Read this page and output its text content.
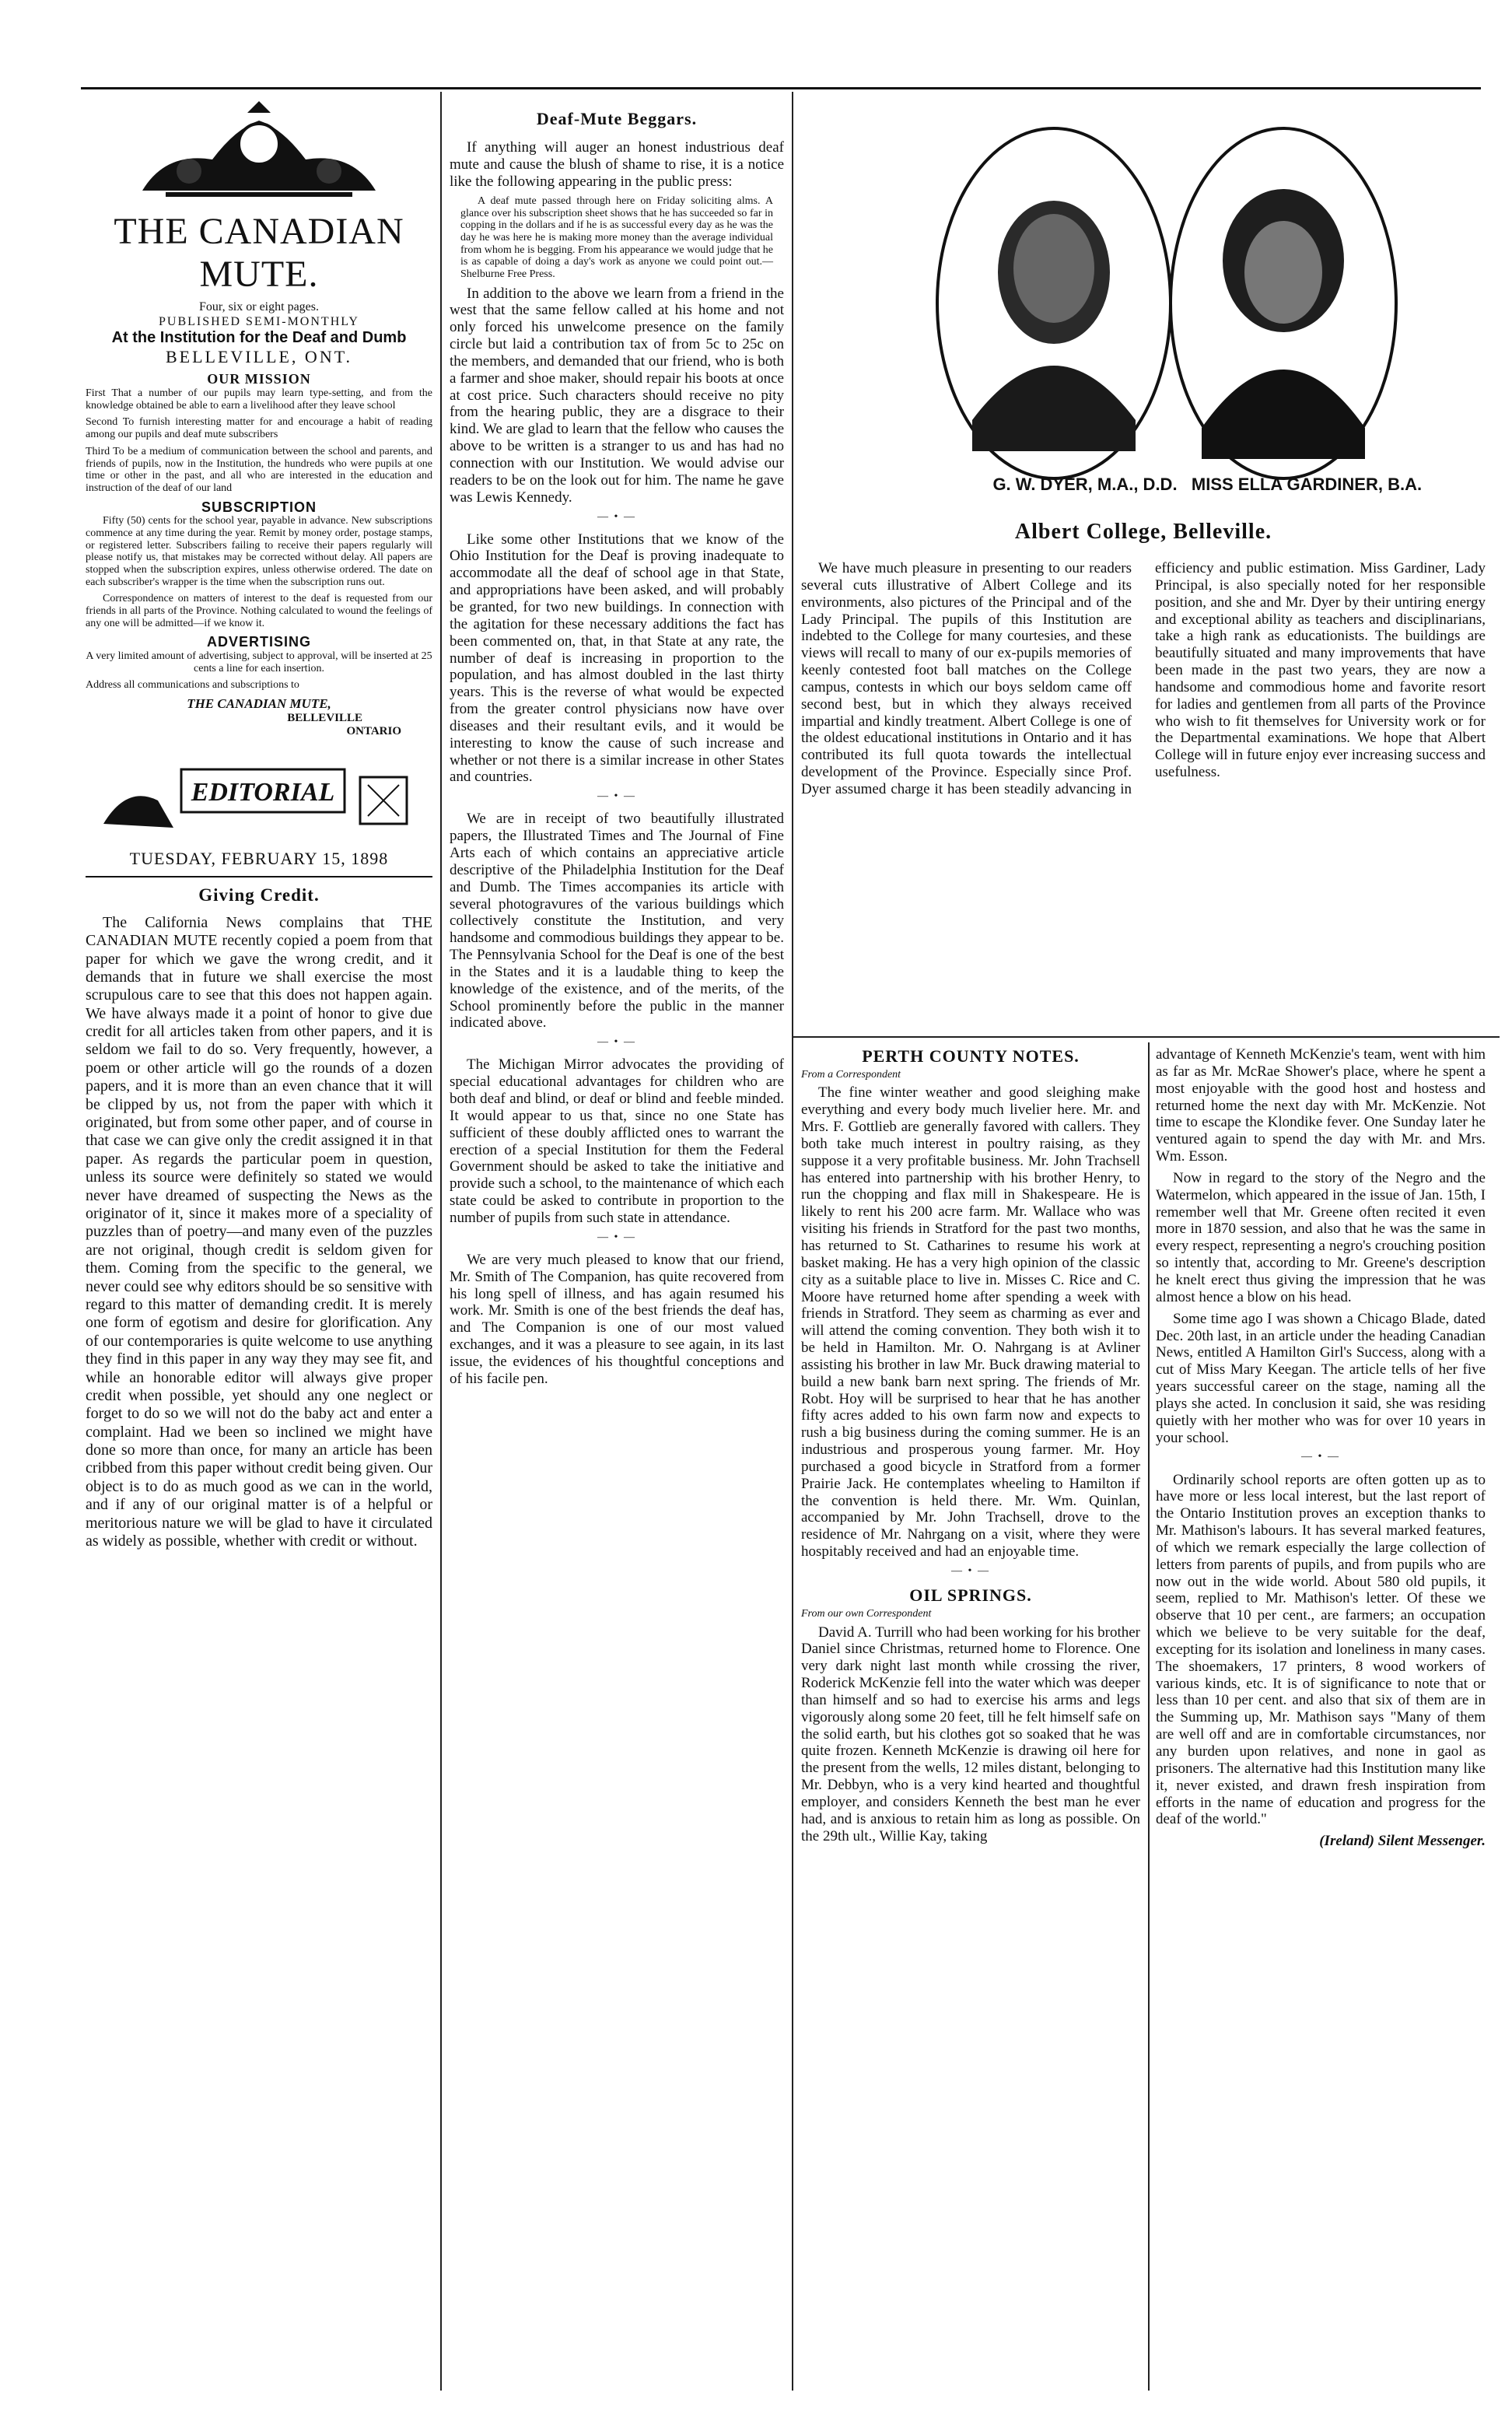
THE CANADIAN MUTE.
Four, six or eight pages.
PUBLISHED SEMI-MONTHLY
At the Institution for the Deaf and Dumb
BELLEVILLE, ONT.
OUR MISSION

First That a number of our pupils may learn type-setting, and from the knowledge obtained be able to earn a livelihood after they leave school

Second To furnish interesting matter for and encourage a habit of reading among our pupils and deaf mute subscribers

Third To be a medium of communication between the school and parents, and friends of pupils, now in the Institution, the hundreds who were pupils at one time or other in the past, and all who are interested in the education and instruction of the deaf of our land

SUBSCRIPTION

Fifty (50) cents for the school year, payable in advance. New subscriptions commence at any time during the year. Remit by money order, postage stamps, or registered letter. Subscribers failing to receive their papers regularly will please notify us, that mistakes may be corrected without delay. All papers are stopped when the subscription expires, unless otherwise ordered. The date on each subscriber's wrapper is the time when the subscription runs out.

Correspondence on matters of interest to the deaf is requested from our friends in all parts of the Province. Nothing calculated to wound the feelings of any one will be admitted—if we know it.

ADVERTISING

A very limited amount of advertising, subject to approval, will be inserted at 25 cents a line for each insertion.

Address all communications and subscriptions to

THE CANADIAN MUTE,
BELLEVILLE
ONTARIO
EDITORIAL
TUESDAY, FEBRUARY 15, 1898
Giving Credit.

The California News complains that THE CANADIAN MUTE recently copied a poem from that paper for which we gave the wrong credit, and it demands that in future we shall exercise the most scrupulous care to see that this does not happen again. We have always made it a point of honor to give due credit for all articles taken from other papers, and it is seldom we fail to do so. Very frequently, however, a poem or other article will go the rounds of a dozen papers, and it is more than an even chance that it will be clipped by us, not from the paper with which it originated, but from some other paper, and of course in that case we can give only the credit assigned it in that paper. As regards the particular poem in question, unless its source were definitely so stated we would never have dreamed of suspecting the News as the originator of it, since it makes more of a speciality of puzzles than of poetry—and many even of the puzzles are not original, though credit is seldom given for them. Coming from the specific to the general, we never could see why editors should be so sensitive with regard to this matter of demanding credit. It is merely one form of egotism and desire for glorification. Any of our contemporaries is quite welcome to use anything they find in this paper in any way they may see fit, and while an honorable editor will always give proper credit when possible, yet should any one neglect or forget to do so we will not do the baby act and enter a complaint. Had we been so inclined we might have done so more than once, for many an article has been cribbed from this paper without credit being given. Our object is to do as much good as we can in the world, and if any of our original matter is of a helpful or meritorious nature we will be glad to have it circulated as widely as possible, whether with credit or without.

Deaf-Mute Beggars.

If anything will auger an honest industrious deaf mute and cause the blush of shame to rise, it is a notice like the following appearing in the public press:

A deaf mute passed through here on Friday soliciting alms. A glance over his subscription sheet shows that he has succeeded so far in copping in the dollars and if he is as successful every day as he was the day he was here he is making more money than the average individual from whom he is begging. From his appearance we would judge that he is as capable of doing a day's work as anyone we could point out.—Shelburne Free Press.

In addition to the above we learn from a friend in the west that the same fellow called at his home and not only forced his unwelcome presence on the family circle but laid a contribution tax of from 5c to 25c on the members, and demanded that our friend, who is both a farmer and shoe maker, should repair his boots at once at cost price. Such characters should receive no pity from the hearing public, they are a disgrace to their kind. We are glad to learn that the fellow who causes the above to be written is a stranger to us and has had no connection with our Institution. We would advise our readers to be on the look out for him. The name he gave was Lewis Kennedy.

— • —

Like some other Institutions that we know of the Ohio Institution for the Deaf is proving inadequate to accommodate all the deaf of school age in that State, and appropriations have been asked, and will probably be granted, for two new buildings. In connection with the agitation for these necessary additions the fact has been commented on, that, in that State at any rate, the number of deaf is increasing in proportion to the population, and has almost doubled in the last thirty years. This is the reverse of what would be expected from the greater control physicians now have over diseases and their resultant evils, and it would be interesting to know the cause of such increase and whether or not there is a similar increase in other States and countries.

— • —

We are in receipt of two beautifully illustrated papers, the Illustrated Times and The Journal of Fine Arts each of which contains an appreciative article descriptive of the Philadelphia Institution for the Deaf and Dumb. The Times accompanies its article with several photogravures of the various buildings which collectively constitute the Institution, and very handsome and commodious buildings they appear to be. The Pennsylvania School for the Deaf is one of the best in the States and it is a laudable thing to keep the knowledge of the existence, and of the merits, of the School prominently before the public in the manner indicated above.

— • —

The Michigan Mirror advocates the providing of special educational advantages for children who are both deaf and blind, or deaf or blind and feeble minded. It would appear to us that, since no one State has sufficient of these doubly afflicted ones to warrant the erection of a special Institution for them the Federal Government should be asked to take the initiative and provide such a school, to the maintenance of which each state could be asked to contribute in proportion to the number of pupils from such state in attendance.

— • —

We are very much pleased to know that our friend, Mr. Smith of The Companion, has quite recovered from his long spell of illness, and has again resumed his work. Mr. Smith is one of the best friends the deaf has, and The Companion is one of our most valued exchanges, and it was a pleasure to see again, in its last issue, the evidences of his thoughtful conceptions and of his facile pen.

G. W. DYER, M.A., D.D. MISS ELLA GARDINER, B.A.
Albert College, Belleville.

We have much pleasure in presenting to our readers several cuts illustrative of Albert College and its environments, also pictures of the Principal and of the Lady Principal. The pupils of this Institution are indebted to the College for many courtesies, and these views will recall to many of our ex-pupils memories of keenly contested foot ball matches on the College campus, contests in which our boys seldom came off second best, but in which they always received impartial and kindly treatment. Albert College is one of the oldest educational institutions in Ontario and it has contributed its full quota towards the intellectual development of the Province. Especially since Prof. Dyer assumed charge it has been steadily advancing in efficiency and public estimation. Miss Gardiner, Lady Principal, is also specially noted for her responsible position, and she and Mr. Dyer by their untiring energy and exceptional ability as teachers and disciplinarians, take a high rank as educationists. The buildings are beautifully situated and many improvements that have been made in the past two years, they are now a handsome and commodious home and favorite resort for ladies and gentlemen from all parts of the Province who wish to fit themselves for University work or for the Departmental examinations. We hope that Albert College will in future enjoy ever increasing success and usefulness.

PERTH COUNTY NOTES.
From a Correspondent

The fine winter weather and good sleighing make everything and every body much livelier here. Mr. and Mrs. F. Gottlieb are generally favored with callers. They both take much interest in poultry raising, as they suppose it a very profitable business. Mr. John Trachsell has entered into partnership with his brother Henry, to run the chopping and flax mill in Shakespeare. He is likely to rent his 200 acre farm. Mr. Wallace who was visiting his friends in Stratford for the past two months, has returned to St. Catharines to resume his work at basket making. He has a very high opinion of the classic city as a suitable place to live in. Misses C. Rice and C. Moore have returned home after spending a week with friends in Stratford. They seem as charming as ever and will attend the coming convention. They both wish it to be held in Hamilton. Mr. O. Nahrgang is at Avliner assisting his brother in law Mr. Buck drawing material to build a new bank barn next spring. The friends of Mr. Robt. Hoy will be surprised to hear that he has another fifty acres added to his own farm now and expects to rush a big business during the coming summer. He is an industrious and prosperous young farmer. Mr. Hoy purchased a good bicycle in Stratford from a former Prairie Jack. He contemplates wheeling to Hamilton if the convention is held there. Mr. Wm. Quinlan, accompanied by Mr. John Trachsell, drove to the residence of Mr. Nahrgang on a visit, where they were hospitably received and had an enjoyable time.

— • —
OIL SPRINGS.
From our own Correspondent

David A. Turrill who had been working for his brother Daniel since Christmas, returned home to Florence. One very dark night last month while crossing the river, Roderick McKenzie fell into the water which was deeper than himself and so had to exercise his arms and legs vigorously along some 20 feet, till he felt himself safe on the solid earth, but his clothes got so soaked that he was quite frozen. Kenneth McKenzie is drawing oil here for the present from the wells, 12 miles distant, belonging to Mr. Debbyn, who is a very kind hearted and thoughtful employer, and considers Kenneth the best man he ever had, and is anxious to retain him as long as possible. On the 29th ult., Willie Kay, taking

advantage of Kenneth McKenzie's team, went with him as far as Mr. McRae Shower's place, where he spent a most enjoyable with the good host and hostess and returned home the next day with Mr. McKenzie. Not time to escape the Klondike fever. One Sunday later he ventured again to spend the day with Mr. and Mrs. Wm. Esson.

Now in regard to the story of the Negro and the Watermelon, which appeared in the issue of Jan. 15th, I remember well that Mr. Greene often recited it even more in 1870 session, and also that he was the same in every respect, representing a negro's crouching position so intently that, according to Mr. Greene's description he knelt erect thus giving the impression that he was almost hence a blow on his head.

Some time ago I was shown a Chicago Blade, dated Dec. 20th last, in an article under the heading Canadian News, entitled A Hamilton Girl's Success, along with a cut of Miss Mary Keegan. The article tells of her five years successful career on the stage, naming all the plays she acted. In conclusion it said, she was residing quietly with her mother who was for over 10 years in your school.

— • —

Ordinarily school reports are often gotten up as to have more or less local interest, but the last report of the Ontario Institution proves an exception thanks to Mr. Mathison's labours. It has several marked features, of which we remark especially the large collection of letters from parents of pupils, and from pupils who are now out in the wide world. About 580 old pupils, it seem, replied to Mr. Mathison's letter. Of these we observe that 10 per cent., are farmers; an occupation which we believe to be very suitable for the deaf, excepting for its isolation and loneliness in many cases. The shoemakers, 17 printers, 8 wood workers of various kinds, etc. It is of significance to note that or less than 10 per cent. and also that six of them are in the Summing up, Mr. Mathison says "Many of them are well off and are in comfortable circumstances, nor any burden upon relatives, and none in gaol as prisoners. The alternative had this Institution many like it, never existed, and drawn fresh inspiration from efforts in the name of education and progress for the deaf of the world."

(Ireland) Silent Messenger.
